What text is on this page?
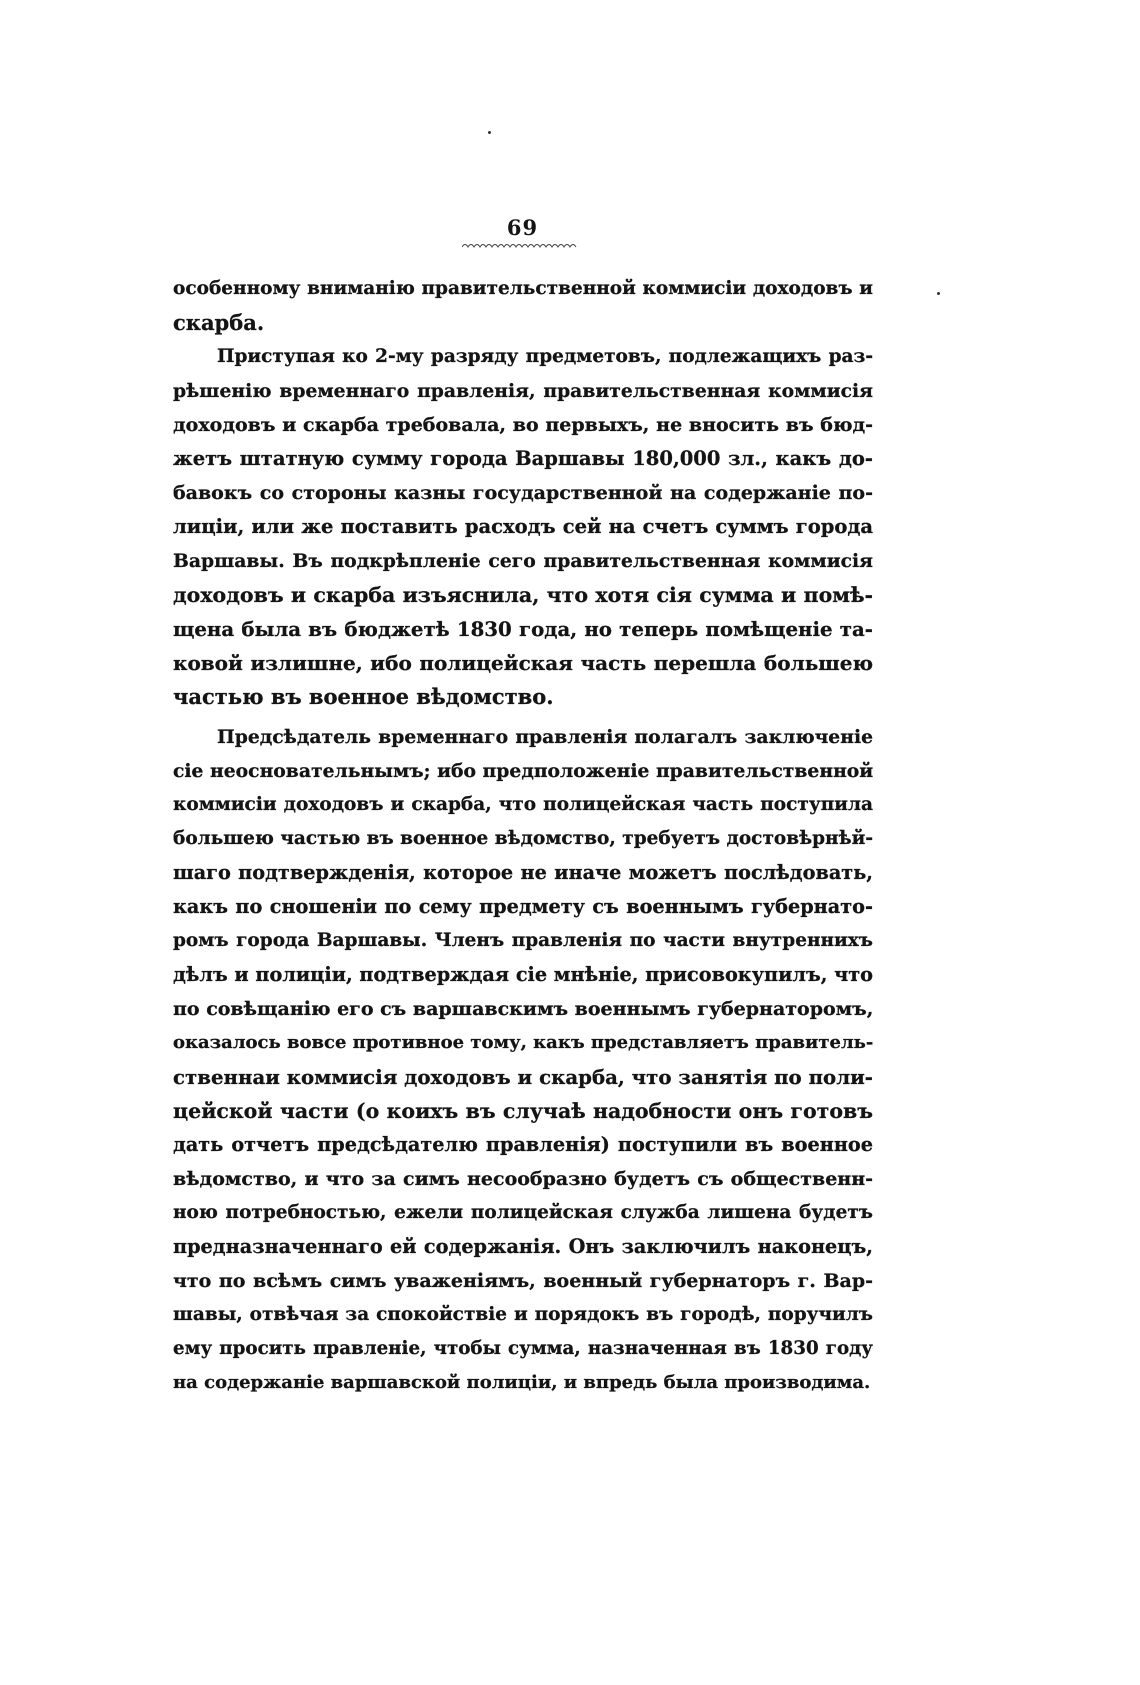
69
особенному вниманію правительственной коммисіи доходовъ и
скарба.
Приступая ко 2-му разряду предметовъ, подлежащихъ раз-
рѣшенію временнаго правленія, правительственная коммисія
доходовъ и скарба требовала, во первыхъ, не вносить въ бюд-
жетъ штатную сумму города Варшавы 180,000 зл., какъ до-
бавокъ со стороны казны государственной на содержаніе по-
лиціи, или же поставить расходъ сей на счетъ суммъ города
Варшавы. Въ подкрѣпленіе сего правительственная коммисія
доходовъ и скарба изъяснила, что хотя сія сумма и помѣ-
щена была въ бюджетѣ 1830 года, но теперь помѣщеніе та-
ковой излишне, ибо полицейская часть перешла большею
частью въ военное вѣдомство.
Предсѣдатель временнаго правленія полагалъ заключеніе
сіе неосновательнымъ; ибо предположеніе правительственной
коммисіи доходовъ и скарба, что полицейская часть поступила
большею частью въ военное вѣдомство, требуетъ достовѣрнѣй-
шаго подтвержденія, которое не иначе можетъ послѣдовать,
какъ по сношеніи по сему предмету съ военнымъ губернато-
ромъ города Варшавы. Членъ правленія по части внутреннихъ
дѣлъ и полиціи, подтверждая сіе мнѣніе, присовокупилъ, что
по совѣщанію его съ варшавскимъ военнымъ губернаторомъ,
оказалось вовсе противное тому, какъ представляетъ правитель-
ственнаи коммисія доходовъ и скарба, что занятія по поли-
цейской части (о коихъ въ случаѣ надобности онъ готовъ
дать отчетъ предсѣдателю правленія) поступили въ военное
вѣдомство, и что за симъ несообразно будетъ съ общественн-
ною потребностью, ежели полицейская служба лишена будетъ
предназначеннаго ей содержанія. Онъ заключилъ наконецъ,
что по всѣмъ симъ уваженіямъ, военный губернаторъ г. Вар-
шавы, отвѣчая за спокойствіе и порядокъ въ городѣ, поручилъ
ему просить правленіе, чтобы сумма, назначенная въ 1830 году
на содержаніе варшавской полиціи, и впредь была производима.
